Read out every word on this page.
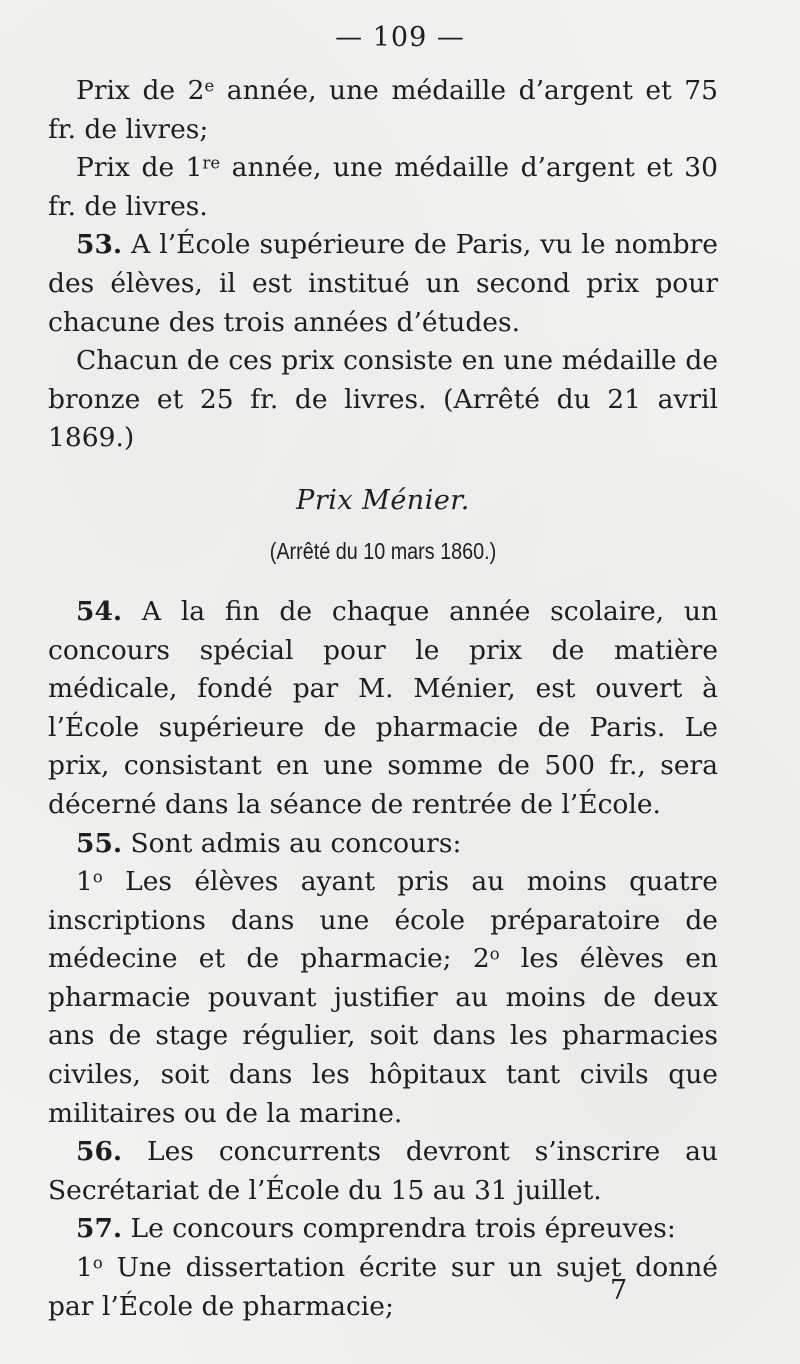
— 109 —

Prix de 2e année, une médaille d’argent et 75 fr. de livres;

Prix de 1re année, une médaille d’argent et 30 fr. de livres.

53. A l’École supérieure de Paris, vu le nombre des élèves, il est institué un second prix pour chacune des trois années d’études.

Chacun de ces prix consiste en une médaille de bronze et 25 fr. de livres. (Arrêté du 21 avril 1869.)

Prix Ménier.
(Arrêté du 10 mars 1860.)

54. A la fin de chaque année scolaire, un concours spécial pour le prix de matière médicale, fondé par M. Ménier, est ouvert à l’École supérieure de pharmacie de Paris. Le prix, consistant en une somme de 500 fr., sera décerné dans la séance de rentrée de l’École.

55. Sont admis au concours:

1$^o$ Les élèves ayant pris au moins quatre inscriptions dans une école préparatoire de médecine et de pharmacie; 2$^o$ les élèves en pharmacie pouvant justifier au moins de deux ans de stage régulier, soit dans les pharmacies civiles, soit dans les hôpitaux tant civils que militaires ou de la marine.

56. Les concurrents devront s’inscrire au Secrétariat de l’École du 15 au 31 juillet.

57. Le concours comprendra trois épreuves:

1$^o$ Une dissertation écrite sur un sujet donné par l’École de pharmacie;

7
